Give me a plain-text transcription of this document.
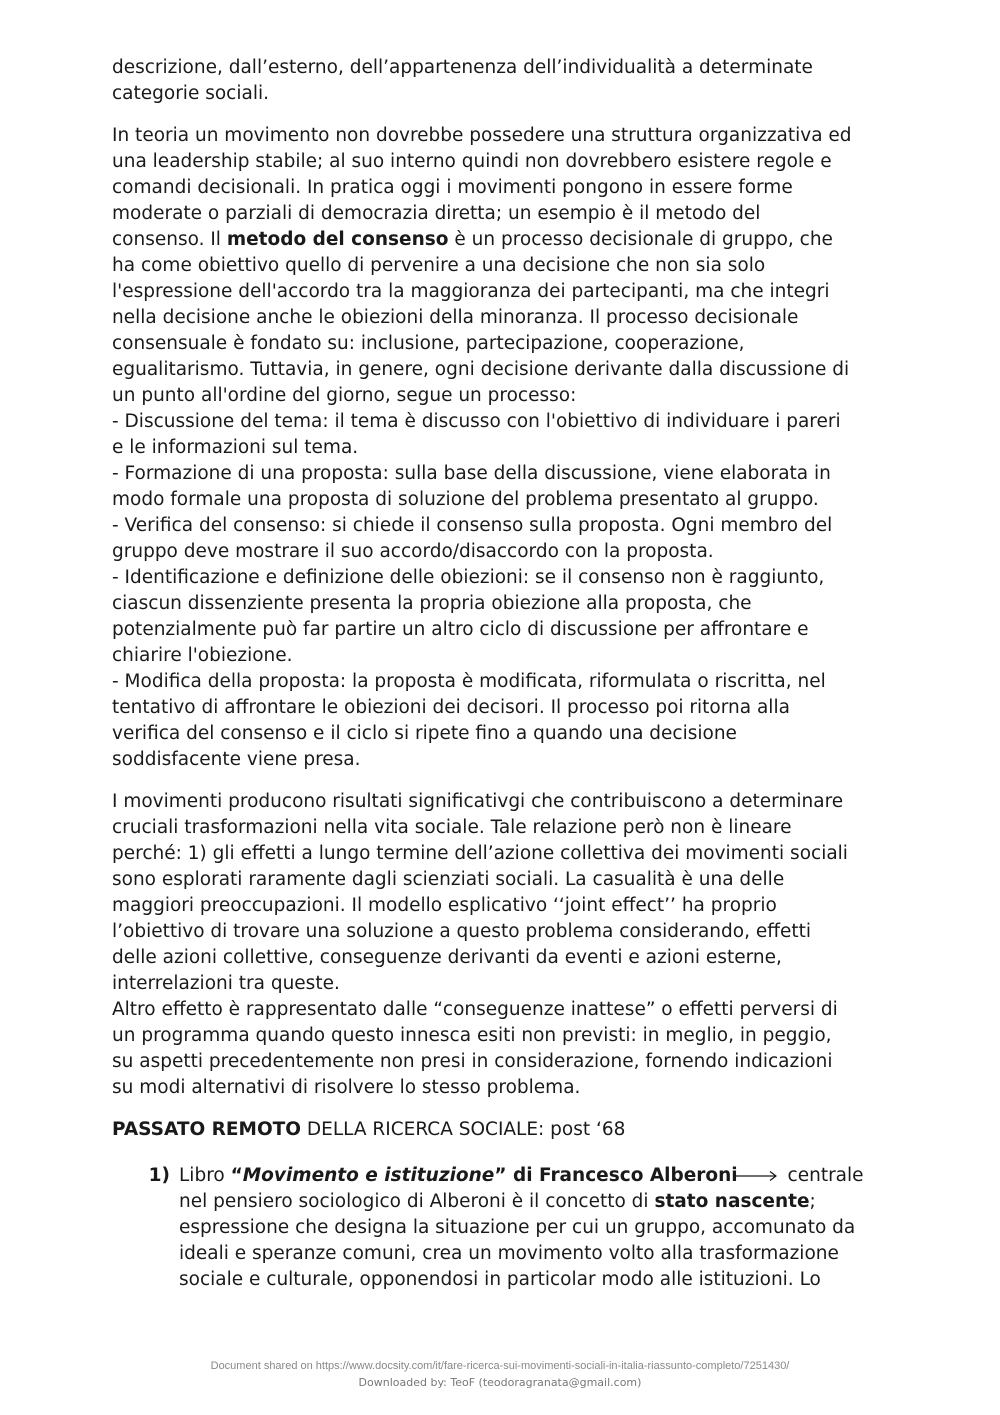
descrizione, dall’esterno, dell’appartenenza dell’individualità a determinate
categorie sociali.

In teoria un movimento non dovrebbe possedere una struttura organizzativa ed
una leadership stabile; al suo interno quindi non dovrebbero esistere regole e
comandi decisionali. In pratica oggi i movimenti pongono in essere forme
moderate o parziali di democrazia diretta; un esempio è il metodo del
consenso. Il metodo del consenso è un processo decisionale di gruppo, che
ha come obiettivo quello di pervenire a una decisione che non sia solo
l'espressione dell'accordo tra la maggioranza dei partecipanti, ma che integri
nella decisione anche le obiezioni della minoranza. Il processo decisionale
consensuale è fondato su: inclusione, partecipazione, cooperazione,
egualitarismo. Tuttavia, in genere, ogni decisione derivante dalla discussione di
un punto all'ordine del giorno, segue un processo:
- Discussione del tema: il tema è discusso con l'obiettivo di individuare i pareri
e le informazioni sul tema.
- Formazione di una proposta: sulla base della discussione, viene elaborata in
modo formale una proposta di soluzione del problema presentato al gruppo.
- Verifica del consenso: si chiede il consenso sulla proposta. Ogni membro del
gruppo deve mostrare il suo accordo/disaccordo con la proposta.
- Identificazione e definizione delle obiezioni: se il consenso non è raggiunto,
ciascun dissenziente presenta la propria obiezione alla proposta, che
potenzialmente può far partire un altro ciclo di discussione per affrontare e
chiarire l'obiezione.
- Modifica della proposta: la proposta è modificata, riformulata o riscritta, nel
tentativo di affrontare le obiezioni dei decisori. Il processo poi ritorna alla
verifica del consenso e il ciclo si ripete fino a quando una decisione
soddisfacente viene presa.

I movimenti producono risultati significativgi che contribuiscono a determinare
cruciali trasformazioni nella vita sociale. Tale relazione però non è lineare
perché: 1) gli effetti a lungo termine dell’azione collettiva dei movimenti sociali
sono esplorati raramente dagli scienziati sociali. La casualità è una delle
maggiori preoccupazioni. Il modello esplicativo ‘‘joint effect’’ ha proprio
l’obiettivo di trovare una soluzione a questo problema considerando, effetti
delle azioni collettive, conseguenze derivanti da eventi e azioni esterne,
interrelazioni tra queste.
Altro effetto è rappresentato dalle “conseguenze inattese” o effetti perversi di
un programma quando questo innesca esiti non previsti: in meglio, in peggio,
su aspetti precedentemente non presi in considerazione, fornendo indicazioni
su modi alternativi di risolvere lo stesso problema.

PASSATO REMOTO DELLA RICERCA SOCIALE: post ‘68

1) Libro “Movimento e istituzione” di Francesco Alberoni centrale
nel pensiero sociologico di Alberoni è il concetto di stato nascente;
espressione che designa la situazione per cui un gruppo, accomunato da
ideali e speranze comuni, crea un movimento volto alla trasformazione
sociale e culturale, opponendosi in particolar modo alle istituzioni. Lo
Document shared on https://www.docsity.com/it/fare-ricerca-sui-movimenti-sociali-in-italia-riassunto-completo/7251430/
Downloaded by: TeoF (teodoragranata@gmail.com)
